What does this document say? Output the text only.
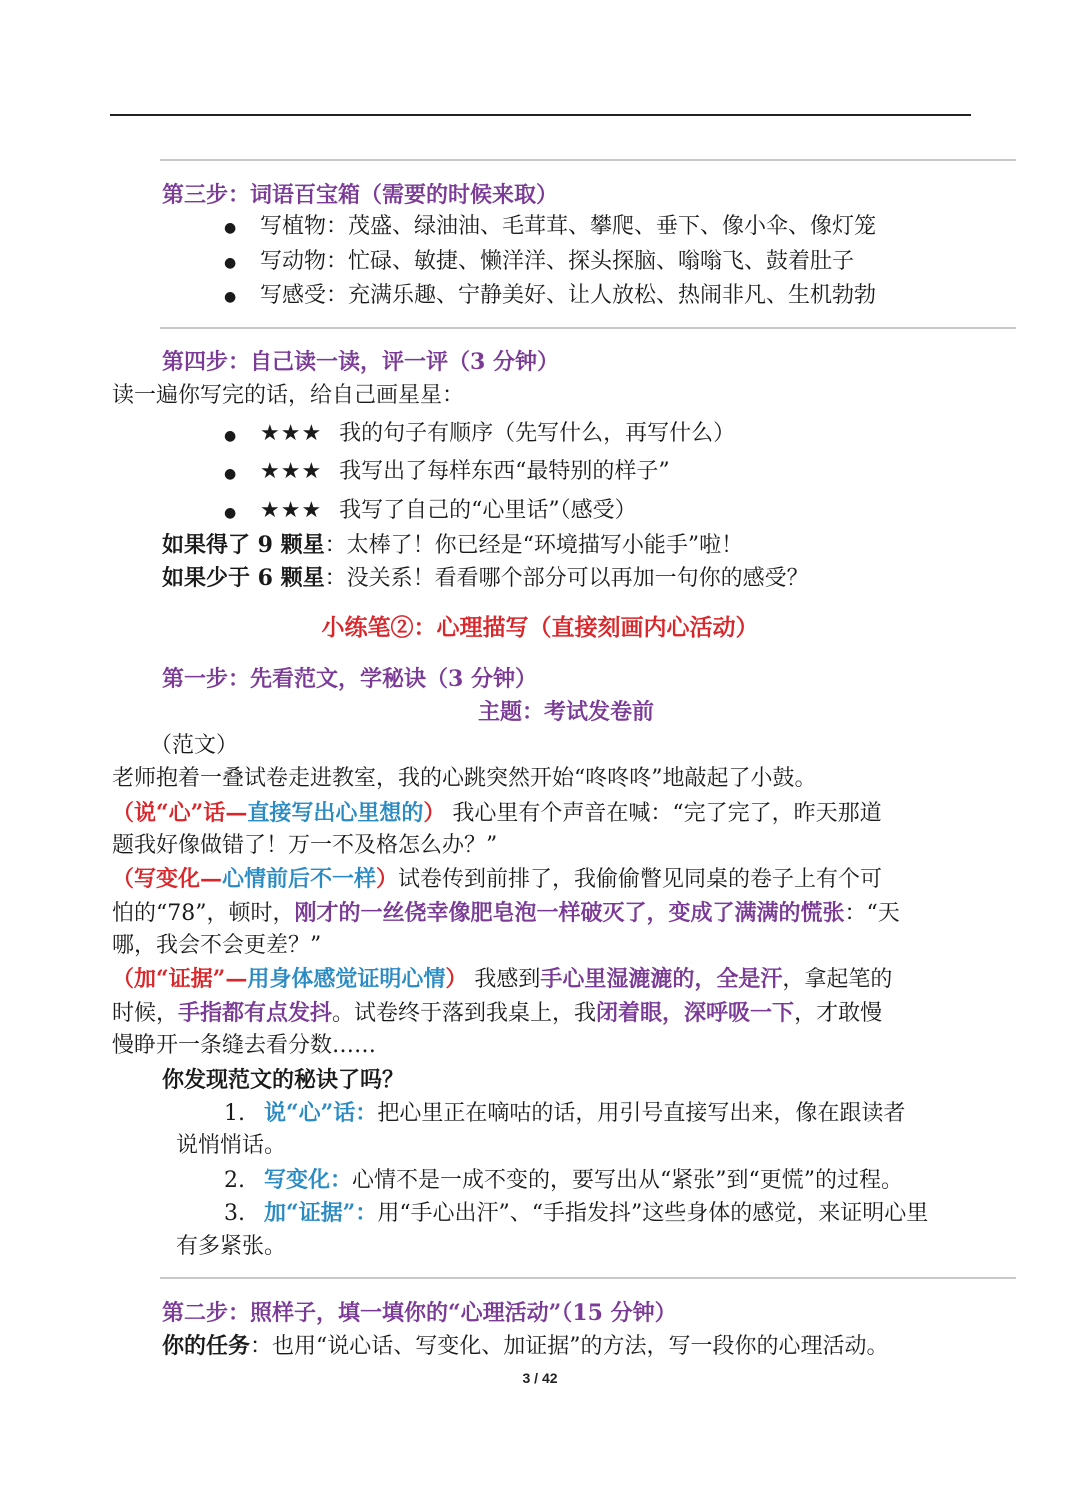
第三步：词语百宝箱（需要的时候来取）
● 写植物：茂盛、绿油油、毛茸茸、攀爬、垂下、像小伞、像灯笼
● 写动物：忙碌、敏捷、懒洋洋、探头探脑、嗡嗡飞、鼓着肚子
● 写感受：充满乐趣、宁静美好、让人放松、热闹非凡、生机勃勃
第四步：自己读一读，评一评（3 分钟）
读一遍你写完的话，给自己画星星：
● ★★★ 我的句子有顺序（先写什么，再写什么）
● ★★★ 我写出了每样东西“最特别的样子”
● ★★★ 我写了自己的“心里话”（感受）
如果得了 9 颗星：太棒了！你已经是“环境描写小能手”啦！
如果少于 6 颗星：没关系！看看哪个部分可以再加一句你的感受？
小练笔②：心理描写（直接刻画内心活动）
第一步：先看范文，学秘诀（3 分钟）
主题：考试发卷前
（范文）
老师抱着一叠试卷走进教室，我的心跳突然开始“咚咚咚”地敲起了小鼓。
（说“心”话—直接写出心里想的） 我心里有个声音在喊：“完了完了，昨天那道
题我好像做错了！万一不及格怎么办？”
（写变化—心情前后不一样）试卷传到前排了，我偷偷瞥见同桌的卷子上有个可
怕的“78”，顿时，刚才的一丝侥幸像肥皂泡一样破灭了，变成了满满的慌张：“天
哪，我会不会更差？”
（加“证据”—用身体感觉证明心情） 我感到手心里湿漉漉的，全是汗，拿起笔的
时候，手指都有点发抖。试卷终于落到我桌上，我闭着眼，深呼吸一下，才敢慢
慢睁开一条缝去看分数……
你发现范文的秘诀了吗？
1. 说“心”话：把心里正在嘀咕的话，用引号直接写出来，像在跟读者
说悄悄话。
2. 写变化：心情不是一成不变的，要写出从“紧张”到“更慌”的过程。
3. 加“证据”：用“手心出汗”、“手指发抖”这些身体的感觉，来证明心里
有多紧张。
第二步：照样子，填一填你的“心理活动”（15 分钟）
你的任务：也用“说心话、写变化、加证据”的方法，写一段你的心理活动。
3 / 42
